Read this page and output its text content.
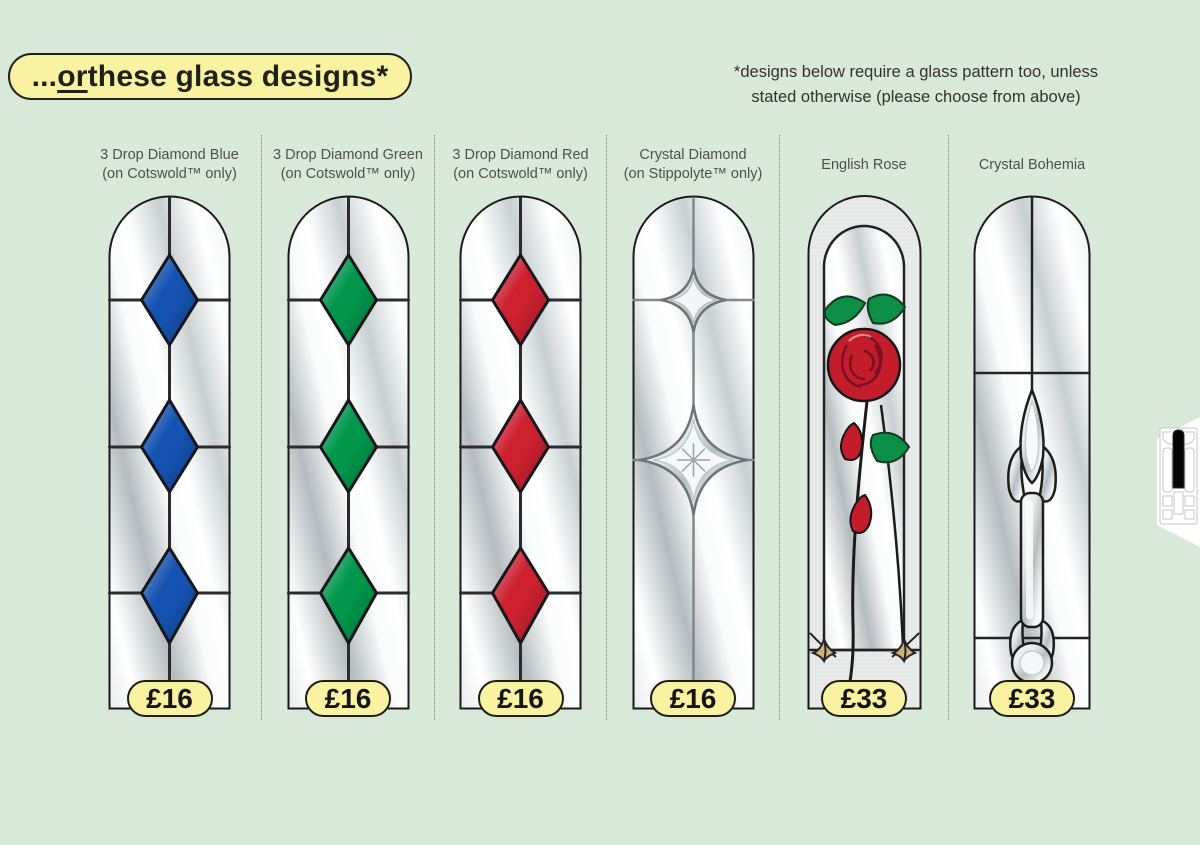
... or these glass designs *	*designs below require a glass pattern too, unless
stated otherwise (please choose from above)
3 Drop Diamond Blue
(on Cotswold™ only)
£16
3 Drop Diamond Green
(on Cotswold™ only)
£16
3 Drop Diamond Red
(on Cotswold™ only)
£16
Crystal Diamond
(on Stippolyte™ only)
£16
English Rose
£33
Crystal Bohemia
£33
